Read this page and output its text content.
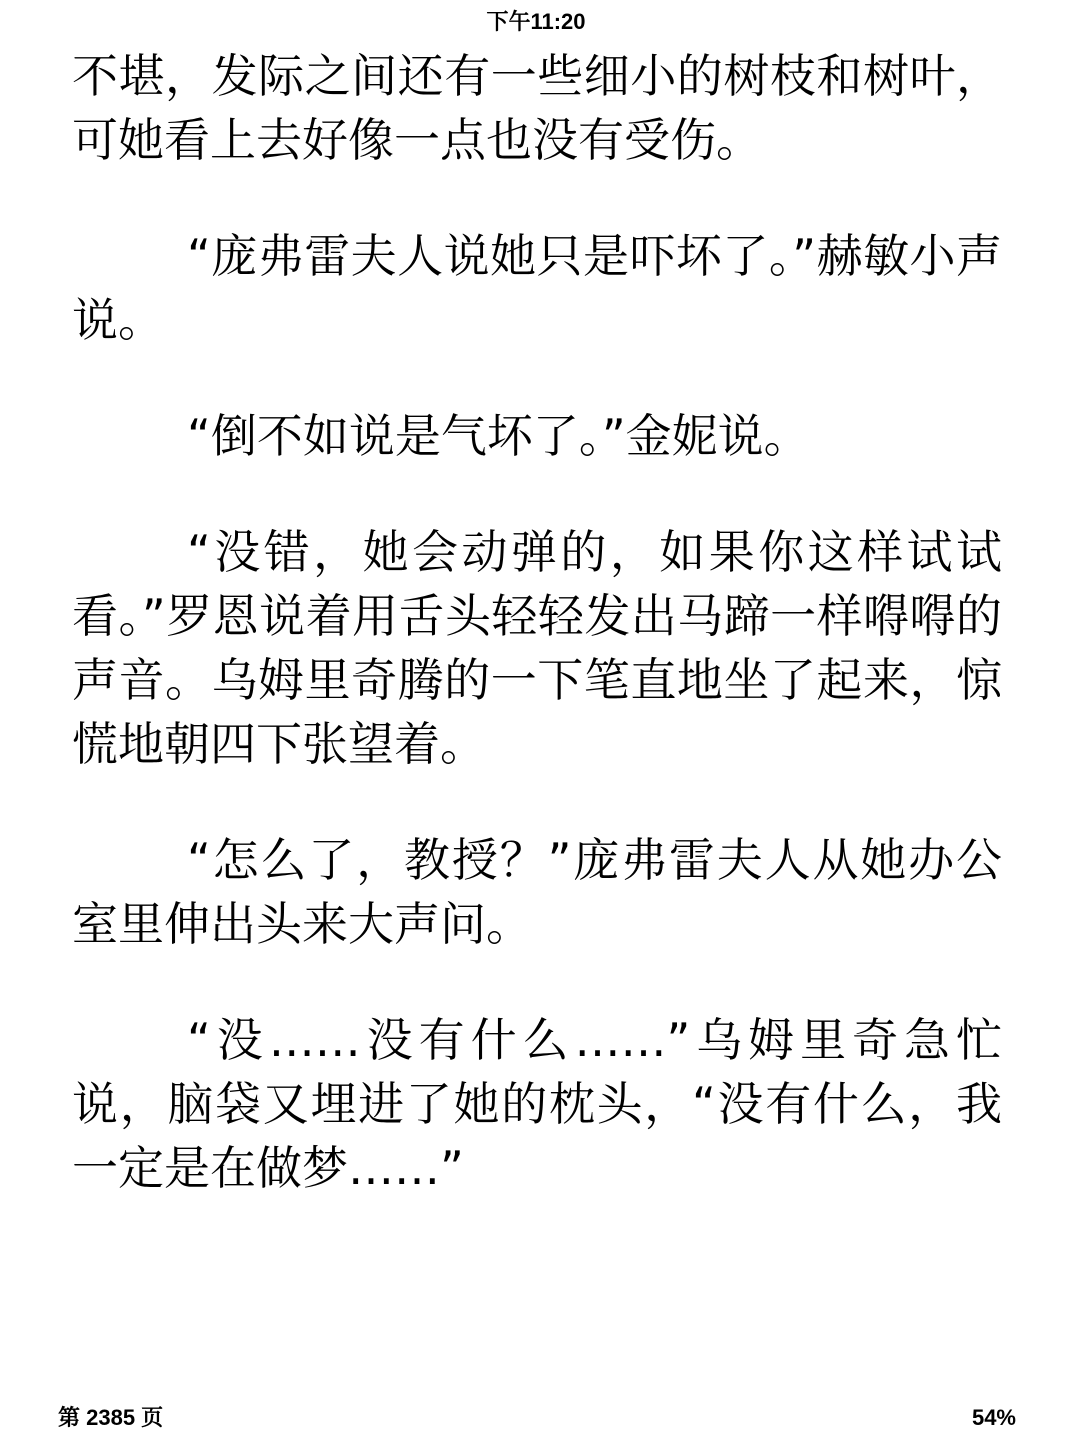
下午11:20

不堪，发际之间还有一些细小的树枝和树叶，可她看上去好像一点也没有受伤。

“庞弗雷夫人说她只是吓坏了。”赫敏小声说。

“倒不如说是气坏了。”金妮说。

“没错，她会动弹的，如果你这样试试看。”罗恩说着用舌头轻轻发出马蹄一样嘚嘚的声音。乌姆里奇腾的一下笔直地坐了起来，惊慌地朝四下张望着。

“怎么了，教授？”庞弗雷夫人从她办公室里伸出头来大声问。

“没……没有什么……”乌姆里奇急忙说，脑袋又埋进了她的枕头，“没有什么，我一定是在做梦……”

第 2385 页	54%
